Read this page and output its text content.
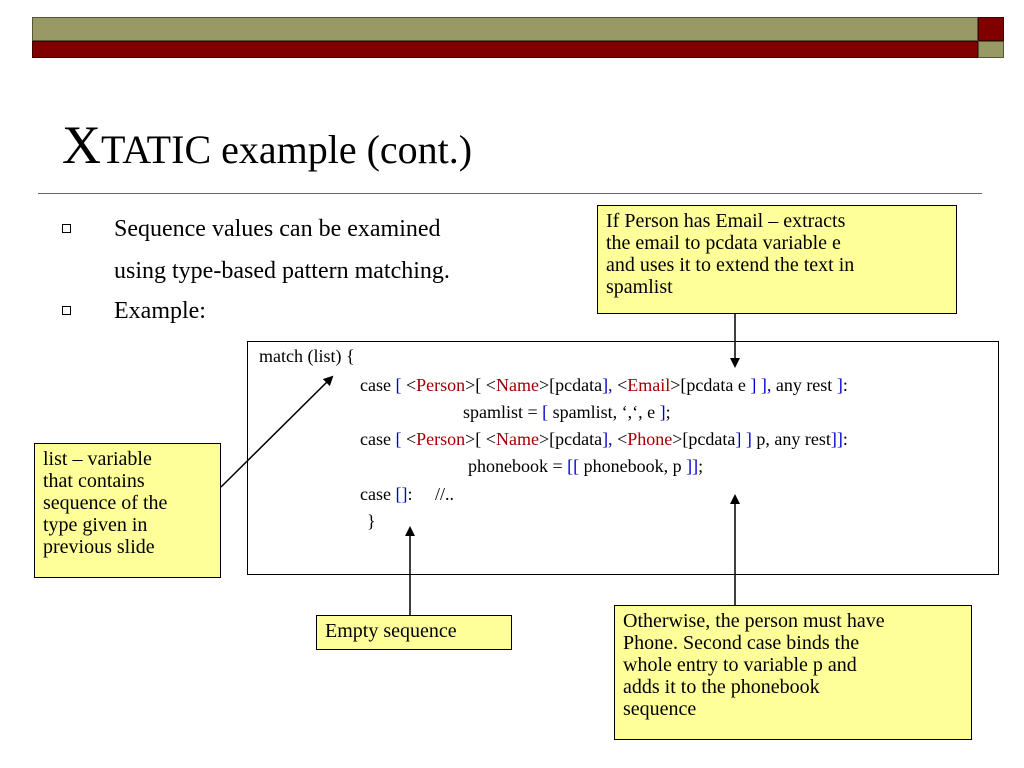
XTATIC example (cont.)
Sequence values can be examined
using type-based pattern matching.
Example:
If Person has Email – extracts
the email to pcdata variable e
and uses it to extend the text in
spamlist
list – variable
that contains
sequence of the
type given in
previous slide
Empty sequence	Otherwise, the person must have
Phone. Second case binds the
whole entry to variable p and
adds it to the phonebook
sequence
match (list) {
case [ <Person>[ <Name>[pcdata], <Email>[pcdata e ] ], any rest ]:
spamlist = [ spamlist, ‘,‘, e ];
case [ <Person>[ <Name>[pcdata], <Phone>[pcdata] ] p, any rest]]:
phonebook = [[ phonebook, p ]];
case []:     //..
}
